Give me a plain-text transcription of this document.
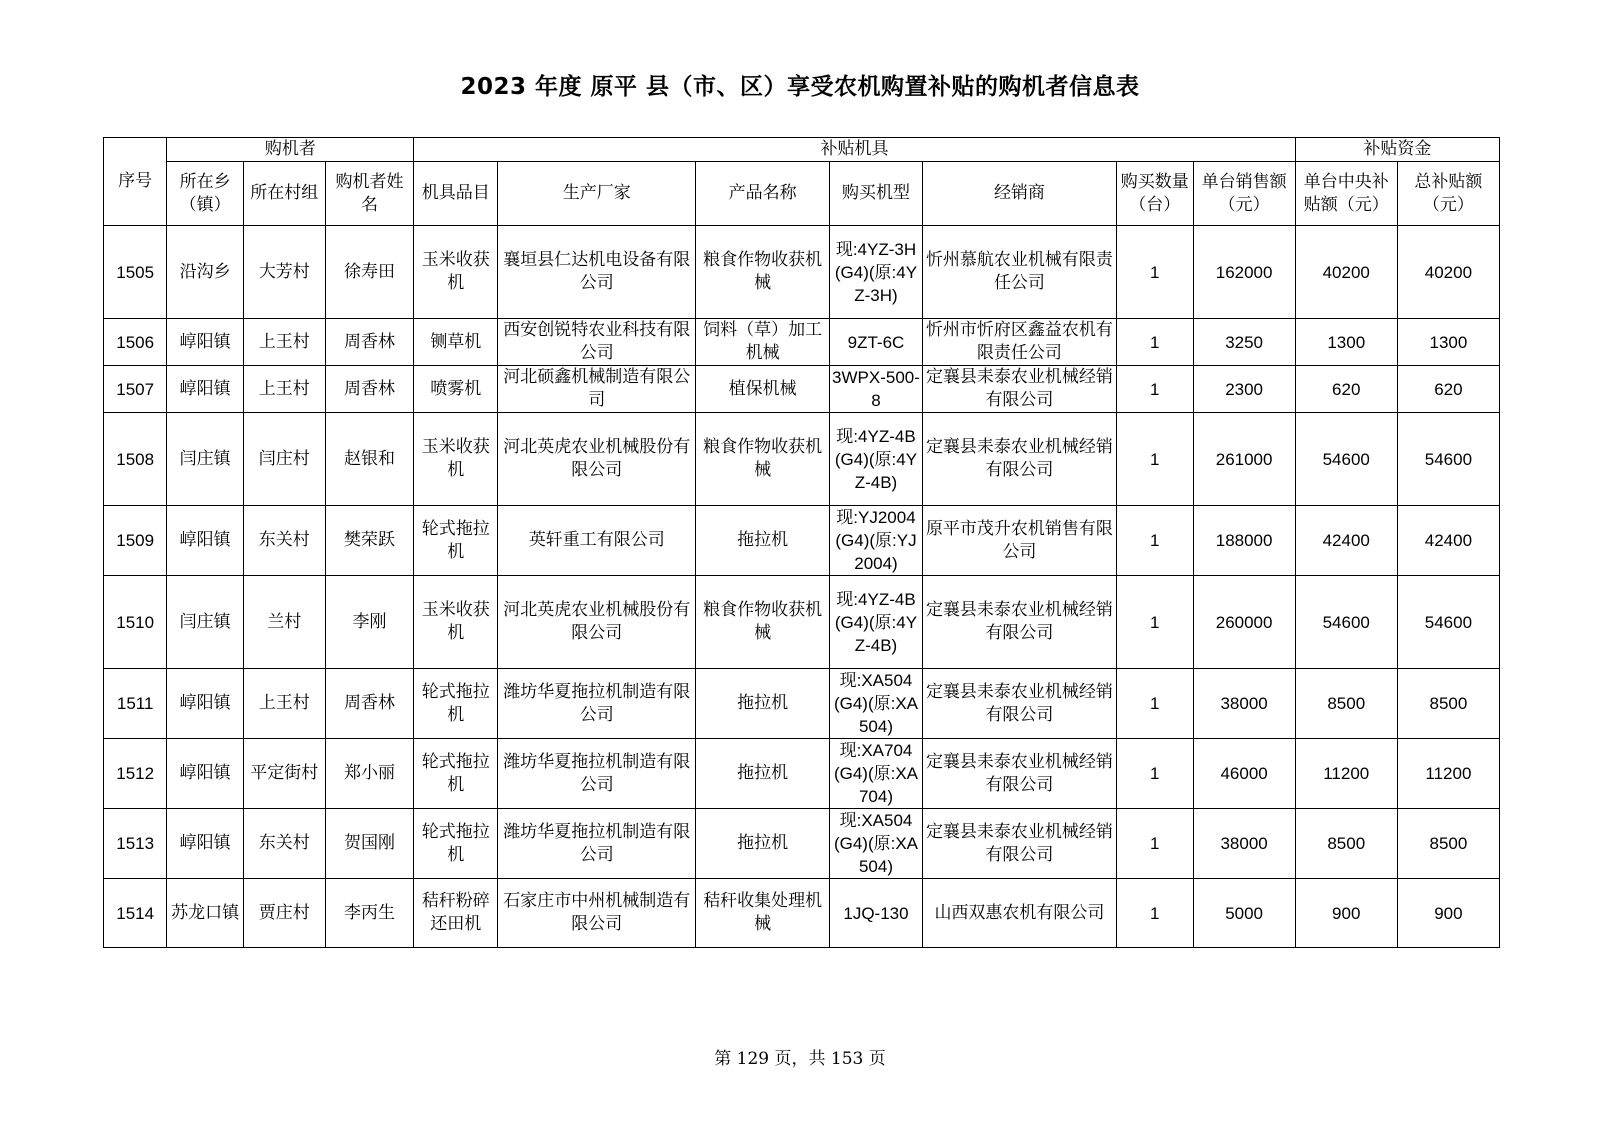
2023 年度 原平 县（市、区）享受农机购置补贴的购机者信息表
序号	购机者			补贴机具							补贴资金	
	所在乡（镇）	所在村组	购机者姓名	机具品目	生产厂家	产品名称	购买机型	经销商	购买数量（台）	单台销售额（元）	单台中央补贴额（元）	总补贴额（元）
1505	沿沟乡	大芳村	徐寿田	玉米收获机	襄垣县仁达机电设备有限公司	粮食作物收获机械	现:4YZ-3H(G4)(原:4YZ-3H)	忻州慕航农业机械有限责任公司	1	162000	40200	40200
1506	崞阳镇	上王村	周香林	铡草机	西安创锐特农业科技有限公司	饲料（草）加工机械	9ZT-6C	忻州市忻府区鑫益农机有限责任公司	1	3250	1300	1300
1507	崞阳镇	上王村	周香林	喷雾机	河北硕鑫机械制造有限公司	植保机械	3WPX-500-8	定襄县耒泰农业机械经销有限公司	1	2300	620	620
1508	闫庄镇	闫庄村	赵银和	玉米收获机	河北英虎农业机械股份有限公司	粮食作物收获机械	现:4YZ-4B(G4)(原:4YZ-4B)	定襄县耒泰农业机械经销有限公司	1	261000	54600	54600
1509	崞阳镇	东关村	樊荣跃	轮式拖拉机	英轩重工有限公司	拖拉机	现:YJ2004(G4)(原:YJ2004)	原平市茂升农机销售有限公司	1	188000	42400	42400
1510	闫庄镇	兰村	李刚	玉米收获机	河北英虎农业机械股份有限公司	粮食作物收获机械	现:4YZ-4B(G4)(原:4YZ-4B)	定襄县耒泰农业机械经销有限公司	1	260000	54600	54600
1511	崞阳镇	上王村	周香林	轮式拖拉机	潍坊华夏拖拉机制造有限公司	拖拉机	现:XA504(G4)(原:XA504)	定襄县耒泰农业机械经销有限公司	1	38000	8500	8500
1512	崞阳镇	平定街村	郑小丽	轮式拖拉机	潍坊华夏拖拉机制造有限公司	拖拉机	现:XA704(G4)(原:XA704)	定襄县耒泰农业机械经销有限公司	1	46000	11200	11200
1513	崞阳镇	东关村	贺国刚	轮式拖拉机	潍坊华夏拖拉机制造有限公司	拖拉机	现:XA504(G4)(原:XA504)	定襄县耒泰农业机械经销有限公司	1	38000	8500	8500
1514	苏龙口镇	贾庄村	李丙生	秸秆粉碎还田机	石家庄市中州机械制造有限公司	秸秆收集处理机械	1JQ-130	山西双惠农机有限公司	1	5000	900	900
第 129 页，共 153 页
